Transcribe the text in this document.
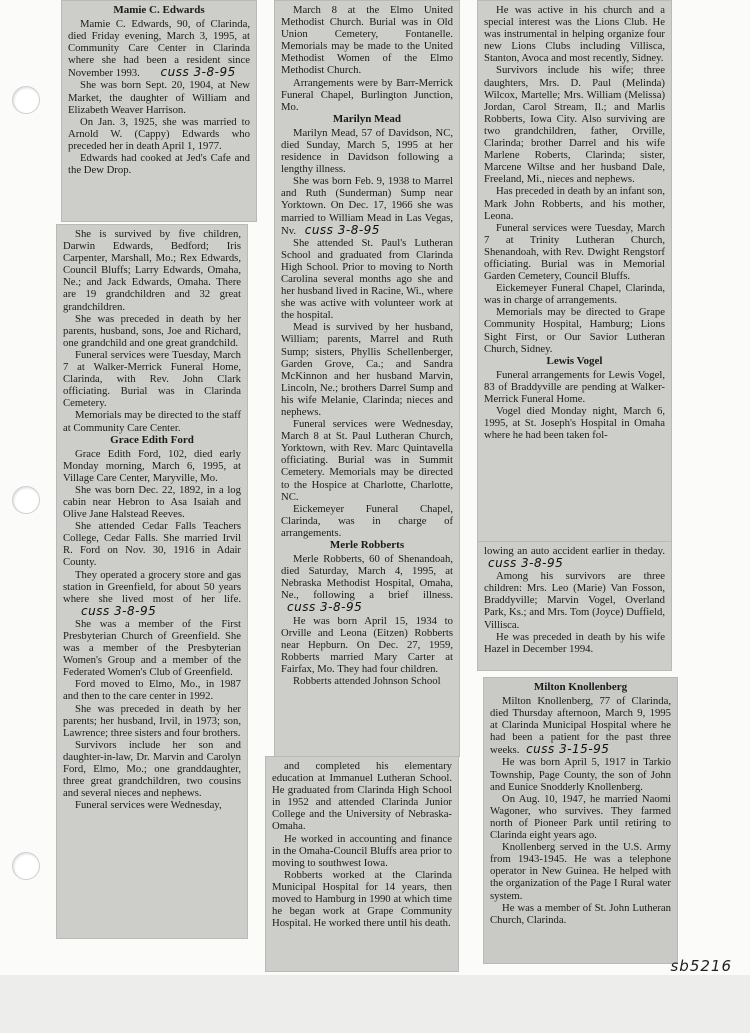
Mamie C. Edwards

Mamie C. Edwards, 90, of Clarinda, died Friday evening, March 3, 1995, at Community Care Center in Clarinda where she had been a resident since November 1993. cuss 3-8-95

She was born Sept. 20, 1904, at New Market, the daughter of William and Elizabeth Weaver Harrison.

On Jan. 3, 1925, she was married to Arnold W. (Cappy) Edwards who preceded her in death April 1, 1977.

Edwards had cooked at Jed's Cafe and the Dew Drop.

She is survived by five children, Darwin Edwards, Bedford; Iris Carpenter, Marshall, Mo.; Rex Edwards, Council Bluffs; Larry Edwards, Omaha, Ne.; and Jack Edwards, Omaha. There are 19 grandchildren and 32 great grandchildren.

She was preceded in death by her parents, husband, sons, Joe and Richard, one grandchild and one great grandchild.

Funeral services were Tuesday, March 7 at Walker-Merrick Funeral Home, Clarinda, with Rev. John Clark officiating. Burial was in Clarinda Cemetery.

Memorials may be directed to the staff at Community Care Center.

Grace Edith Ford

Grace Edith Ford, 102, died early Monday morning, March 6, 1995, at Village Care Center, Maryville, Mo.

She was born Dec. 22, 1892, in a log cabin near Hebron to Asa Isaiah and Olive Jane Halstead Reeves.

She attended Cedar Falls Teachers College, Cedar Falls. She married Irvil R. Ford on Nov. 30, 1916 in Adair County.

They operated a grocery store and gas station in Greenfield, for about 50 years where she lived most of her life. cuss 3-8-95

She was a member of the First Presbyterian Church of Greenfield. She was a member of the Presbyterian Women's Group and a member of the Federated Women's Club of Greenfield.

Ford moved to Elmo, Mo., in 1987 and then to the care center in 1992.

She was preceded in death by her parents; her husband, Irvil, in 1973; son, Lawrence; three sisters and four brothers.

Survivors include her son and daughter-in-law, Dr. Marvin and Carolyn Ford, Elmo, Mo.; one granddaughter, three great grandchildren, two cousins and several nieces and nephews.

Funeral services were Wednesday,

March 8 at the Elmo United Methodist Church. Burial was in Old Union Cemetery, Fontanelle. Memorials may be made to the United Methodist Women of the Elmo Methodist Church.

Arrangements were by Barr-Merrick Funeral Chapel, Burlington Junction, Mo.

Marilyn Mead

Marilyn Mead, 57 of Davidson, NC, died Sunday, March 5, 1995 at her residence in Davidson following a lengthy illness.

She was born Feb. 9, 1938 to Marrel and Ruth (Sunderman) Sump near Yorktown. On Dec. 17, 1966 she was married to William Mead in Las Vegas, Nv. cuss 3-8-95

She attended St. Paul's Lutheran School and graduated from Clarinda High School. Prior to moving to North Carolina several months ago she and her husband lived in Racine, Wi., where she was active with volunteer work at the hospital.

Mead is survived by her husband, William; parents, Marrel and Ruth Sump; sisters, Phyllis Schellenberger, Garden Grove, Ca.; and Sandra McKinnon and her husband Marvin, Lincoln, Ne.; brothers Darrel Sump and his wife Melanie, Clarinda; nieces and nephews.

Funeral services were Wednesday, March 8 at St. Paul Lutheran Church, Yorktown, with Rev. Marc Quintavella officiating. Burial was in Summit Cemetery. Memorials may be directed to the Hospice at Charlotte, Charlotte, NC.

Eickemeyer Funeral Chapel, Clarinda, was in charge of arrangements.

Merle Robberts

Merle Robberts, 60 of Shenandoah, died Saturday, March 4, 1995, at Nebraska Methodist Hospital, Omaha, Ne., following a brief illness. cuss 3-8-95

He was born April 15, 1934 to Orville and Leona (Eitzen) Robberts near Hepburn. On Dec. 27, 1959, Robberts married Mary Carter at Fairfax, Mo. They had four children.

Robberts attended Johnson School

and completed his elementary education at Immanuel Lutheran School. He graduated from Clarinda High School in 1952 and attended Clarinda Junior College and the University of Nebraska-Omaha.

He worked in accounting and finance in the Omaha-Council Bluffs area prior to moving to southwest Iowa.

Robberts worked at the Clarinda Municipal Hospital for 14 years, then moved to Hamburg in 1990 at which time he began work at Grape Community Hospital. He worked there until his death.

He was active in his church and a special interest was the Lions Club. He was instrumental in helping organize four new Lions Clubs including Villisca, Stanton, Avoca and most recently, Sidney.

Survivors include his wife; three daughters, Mrs. D. Paul (Melinda) Wilcox, Martelle; Mrs. William (Melissa) Jordan, Carol Stream, Il.; and Marlis Robberts, Iowa City. Also surviving are two grandchildren, father, Orville, Clarinda; brother Darrel and his wife Marlene Roberts, Clarinda; sister, Marcene Wiltse and her husband Dale, Freeland, Mi., nieces and nephews.

Has preceded in death by an infant son, Mark John Robberts, and his mother, Leona.

Funeral services were Tuesday, March 7 at Trinity Lutheran Church, Shenandoah, with Rev. Dwight Rengstorf officiating. Burial was in Memorial Garden Cemetery, Council Bluffs.

Eickemeyer Funeral Chapel, Clarinda, was in charge of arrangements.

Memorials may be directed to Grape Community Hospital, Hamburg; Lions Sight First, or Our Savior Lutheran Church, Sidney.

Lewis Vogel

Funeral arrangements for Lewis Vogel, 83 of Braddyville are pending at Walker-Merrick Funeral Home.

Vogel died Monday night, March 6, 1995, at St. Joseph's Hospital in Omaha where he had been taken fol-

lowing an auto accident earlier in theday. cuss 3-8-95

Among his survivors are three children: Mrs. Leo (Marie) Van Fosson, Braddyville; Marvin Vogel, Overland Park, Ks.; and Mrs. Tom (Joyce) Duffield, Villisca.

He was preceded in death by his wife Hazel in December 1994.

Milton Knollenberg

Milton Knollenberg, 77 of Clarinda, died Thursday afternoon, March 9, 1995 at Clarinda Municipal Hospital where he had been a patient for the past three weeks. cuss 3-15-95

He was born April 5, 1917 in Tarkio Township, Page County, the son of John and Eunice Snodderly Knollenberg.

On Aug. 10, 1947, he married Naomi Wagoner, who survives. They farmed north of Pioneer Park until retiring to Clarinda eight years ago.

Knollenberg served in the U.S. Army from 1943-1945. He was a telephone operator in New Guinea. He helped with the organization of the Page I Rural water system.

He was a member of St. John Lutheran Church, Clarinda.

sb5216
